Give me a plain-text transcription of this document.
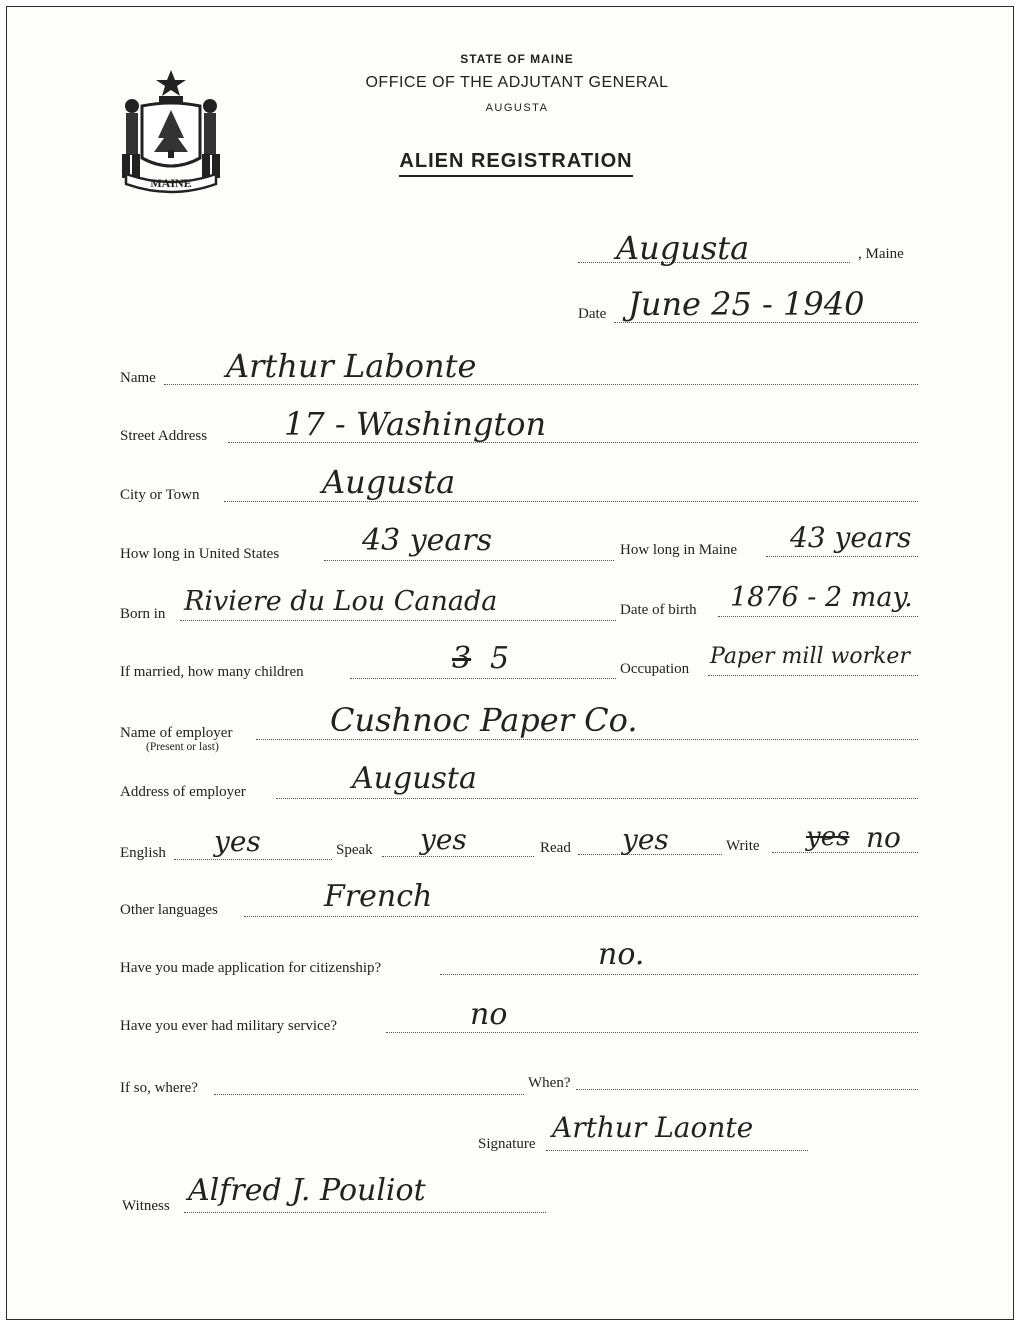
MAINE
STATE OF MAINE
OFFICE OF THE ADJUTANT GENERAL
AUGUSTA
ALIEN REGISTRATION
Augusta	, Maine
Date June 25 - 1940
Name Arthur Labonte
Street Address 17 - Washington
City or Town	Augusta
How long in United States	43 years	How long in Maine 43 years
Born in Riviere du Lou Canada	Date of birth 1876 - 2 may.
If married, how many children	3 5	Occupation Paper mill worker
Name of employer
(Present or last)
Cushnoc Paper Co.
Address of employer	Augusta
English yes	Speak yes	Read yes	Write yes no
Other languages	French
Have you made application for citizenship?	no.
Have you ever had military service?	no
If so, where?	When?
Signature Arthur Laonte
Witness Alfred J. Pouliot
